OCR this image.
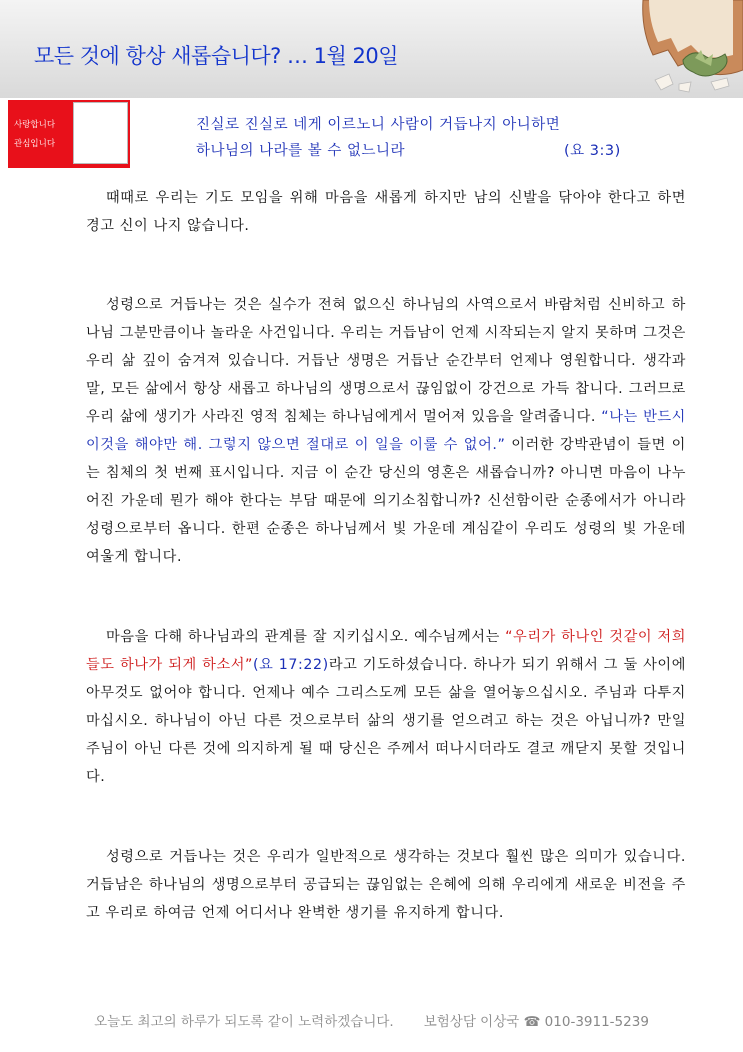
모든 것에 항상 새롭습니다? … 1월 20일
사랑합니다
관심입니다
진실로 진실로 네게 이르노니 사람이 거듭나지 아니하면
하나님의 나라를 볼 수 없느니라	(요 3:3)

때때로 우리는 기도 모임을 위해 마음을 새롭게 하지만 남의 신발을 닦아야 한다고 하면 경고 신이 나지 않습니다.

성령으로 거듭나는 것은 실수가 전혀 없으신 하나님의 사역으로서 바람처럼 신비하고 하나님 그분만큼이나 놀라운 사건입니다. 우리는 거듭남이 언제 시작되는지 알지 못하며 그것은 우리 삶 깊이 숨겨져 있습니다. 거듭난 생명은 거듭난 순간부터 언제나 영원합니다. 생각과 말, 모든 삶에서 항상 새롭고 하나님의 생명으로서 끊임없이 강건으로 가득 찹니다. 그러므로 우리 삶에 생기가 사라진 영적 침체는 하나님에게서 멀어져 있음을 알려줍니다. “나는 반드시 이것을 해야만 해. 그렇지 않으면 절대로 이 일을 이룰 수 없어.” 이러한 강박관념이 들면 이는 침체의 첫 번째 표시입니다. 지금 이 순간 당신의 영혼은 새롭습니까? 아니면 마음이 나누어진 가운데 뭔가 해야 한다는 부담 때문에 의기소침합니까? 신선함이란 순종에서가 아니라 성령으로부터 옵니다. 한편 순종은 하나님께서 빛 가운데 계심같이 우리도 성령의 빛 가운데 여울게 합니다.

마음을 다해 하나님과의 관계를 잘 지키십시오. 예수님께서는 “우리가 하나인 것같이 저희들도 하나가 되게 하소서”(요 17:22)라고 기도하셨습니다. 하나가 되기 위해서 그 둘 사이에 아무것도 없어야 합니다. 언제나 예수 그리스도께 모든 삶을 열어놓으십시오. 주님과 다투지 마십시오. 하나님이 아닌 다른 것으로부터 삶의 생기를 얻으려고 하는 것은 아닙니까? 만일 주님이 아닌 다른 것에 의지하게 될 때 당신은 주께서 떠나시더라도 결코 깨닫지 못할 것입니다.

성령으로 거듭나는 것은 우리가 일반적으로 생각하는 것보다 훨씬 많은 의미가 있습니다. 거듭남은 하나님의 생명으로부터 공급되는 끊임없는 은혜에 의해 우리에게 새로운 비전을 주고 우리로 하여금 언제 어디서나 완벽한 생기를 유지하게 합니다.

오늘도 최고의 하루가 되도록 같이 노력하겠습니다. 보험상담 이상국 ☎ 010-3911-5239
